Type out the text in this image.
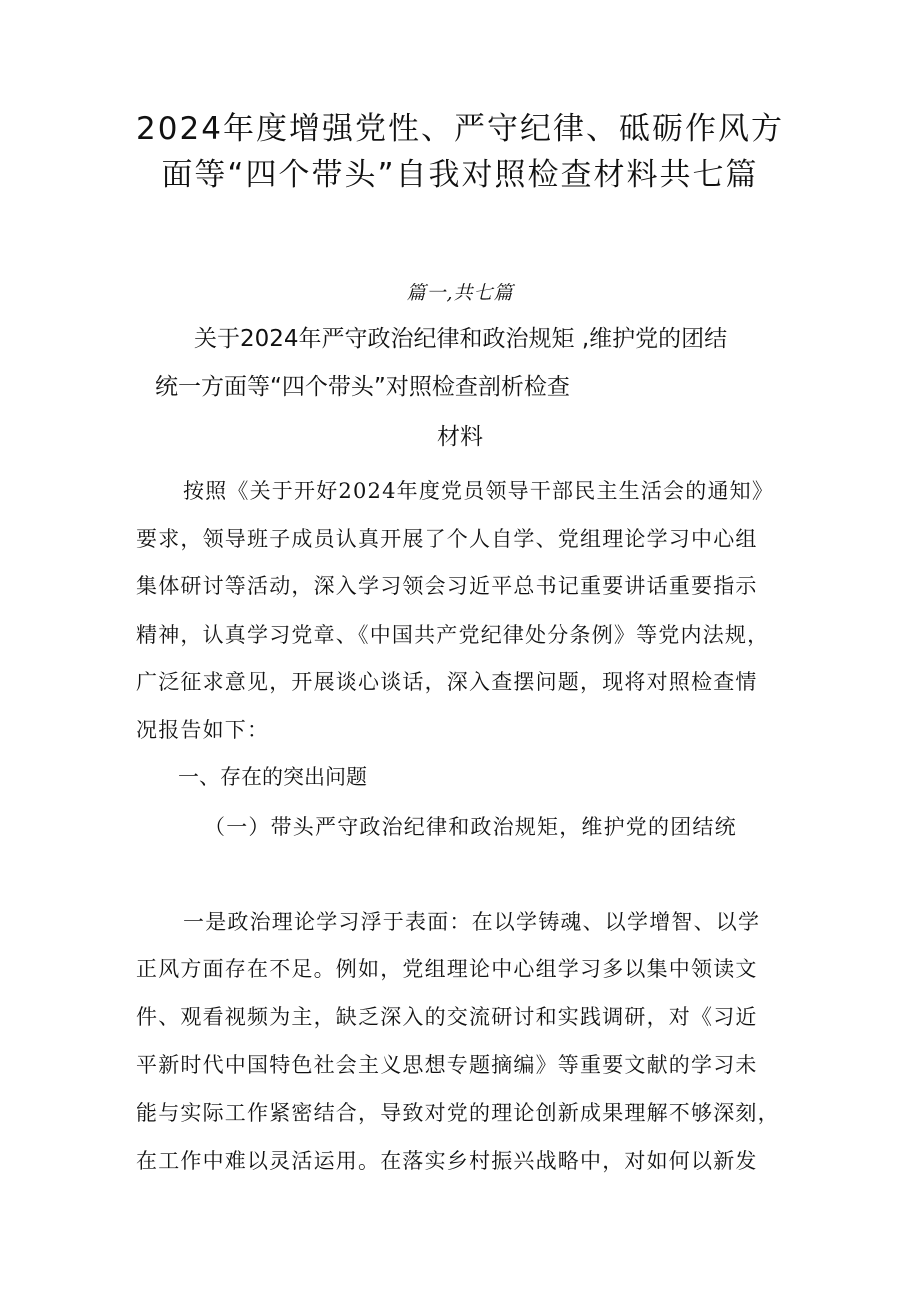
2024年度增强党性、严守纪律、砥砺作风方面等“四个带头”自我对照检查材料共七篇
篇一,共七篇
关于2024年严守政治纪律和政治规矩 ,维护党的团结
统一方面等“四个带头”对照检查剖析检查
材料
按照《关于开好2024年度党员领导干部民主生活会的通知》
要求，领导班子成员认真开展了个人自学、党组理论学习中心组
集体研讨等活动，深入学习领会习近平总书记重要讲话重要指示
精神，认真学习党章、《中国共产党纪律处分条例》等党内法规，
广泛征求意见，开展谈心谈话，深入查摆问题，现将对照检查情
况报告如下：
一、存在的突出问题
（一）带头严守政治纪律和政治规矩，维护党的团结统
一是政治理论学习浮于表面：在以学铸魂、以学增智、以学
正风方面存在不足。例如，党组理论中心组学习多以集中领读文
件、观看视频为主，缺乏深入的交流研讨和实践调研，对《习近
平新时代中国特色社会主义思想专题摘编》等重要文献的学习未
能与实际工作紧密结合，导致对党的理论创新成果理解不够深刻，
在工作中难以灵活运用。在落实乡村振兴战略中，对如何以新发
